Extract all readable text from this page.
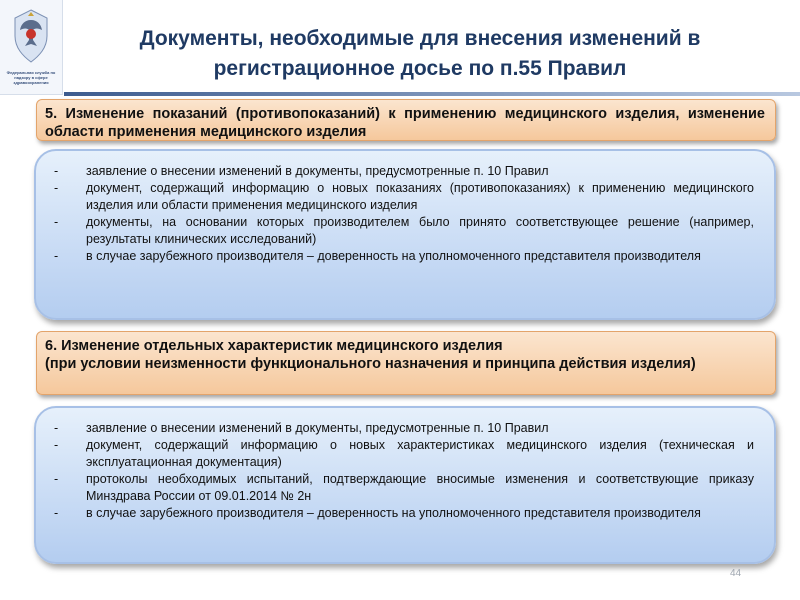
Федеральная служба по надзору в сфере здравоохранения
Документы, необходимые для внесения изменений в регистрационное досье по п.55 Правил
5. Изменение показаний (противопоказаний) к применению медицинского изделия, изменение области применения медицинского изделия
-	заявление о внесении изменений в документы, предусмотренные п. 10 Правил
-	документ, содержащий информацию о новых показаниях (противопоказаниях) к применению медицинского изделия или области применения медицинского изделия
-	документы, на основании которых производителем было принято соответствующее решение (например, результаты клинических исследований)
-	в случае зарубежного производителя – доверенность на уполномоченного представителя производителя
6. Изменение отдельных характеристик медицинского изделия
(при условии неизменности функционального назначения и принципа действия изделия)
-	заявление о внесении изменений в документы, предусмотренные п. 10 Правил
-	документ, содержащий информацию о новых характеристиках медицинского изделия (техническая и эксплуатационная документация)
-	протоколы необходимых испытаний, подтверждающие вносимые изменения и соответствующие приказу Минздрава России от 09.01.2014 № 2н
-	в случае зарубежного производителя – доверенность на уполномоченного представителя производителя
44
